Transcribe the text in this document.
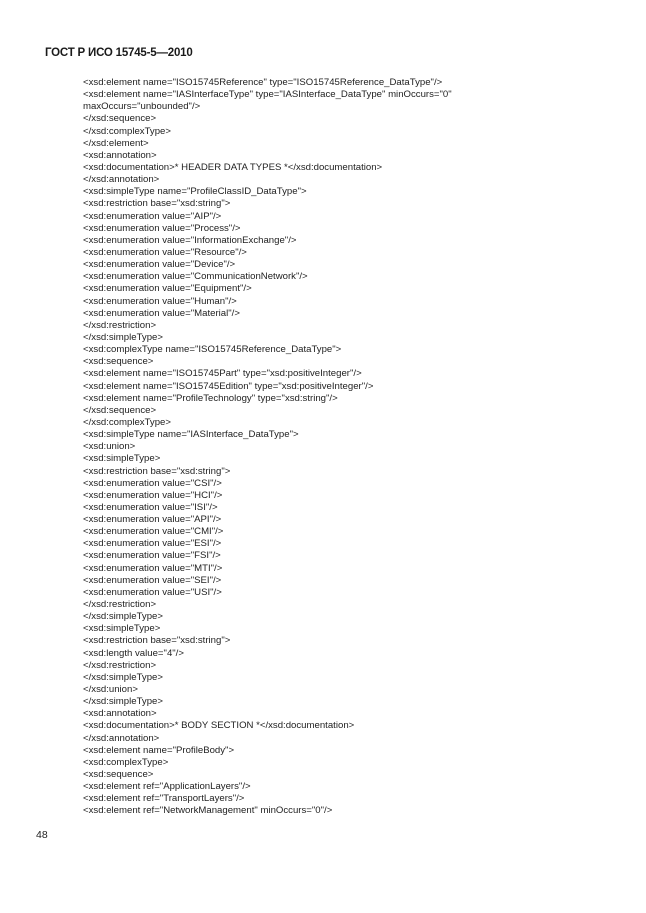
ГОСТ Р ИСО 15745-5—2010
<xsd:element name="ISO15745Reference" type="ISO15745Reference_DataType"/>
<xsd:element name="IASInterfaceType" type="IASInterface_DataType" minOccurs="0"
maxOccurs="unbounded"/>
</xsd:sequence>
</xsd:complexType>
</xsd:element>
<xsd:annotation>
<xsd:documentation>* HEADER DATA TYPES *</xsd:documentation>
</xsd:annotation>
<xsd:simpleType name="ProfileClassID_DataType">
<xsd:restriction base="xsd:string">
<xsd:enumeration value="AIP"/>
<xsd:enumeration value="Process"/>
<xsd:enumeration value="InformationExchange"/>
<xsd:enumeration value="Resource"/>
<xsd:enumeration value="Device"/>
<xsd:enumeration value="CommunicationNetwork"/>
<xsd:enumeration value="Equipment"/>
<xsd:enumeration value="Human"/>
<xsd:enumeration value="Material"/>
</xsd:restriction>
</xsd:simpleType>
<xsd:complexType name="ISO15745Reference_DataType">
<xsd:sequence>
<xsd:element name="ISO15745Part" type="xsd:positiveInteger"/>
<xsd:element name="ISO15745Edition" type="xsd:positiveInteger"/>
<xsd:element name="ProfileTechnology" type="xsd:string"/>
</xsd:sequence>
</xsd:complexType>
<xsd:simpleType name="IASInterface_DataType">
<xsd:union>
<xsd:simpleType>
<xsd:restriction base="xsd:string">
<xsd:enumeration value="CSI"/>
<xsd:enumeration value="HCI"/>
<xsd:enumeration value="ISI"/>
<xsd:enumeration value="API"/>
<xsd:enumeration value="CMI"/>
<xsd:enumeration value="ESI"/>
<xsd:enumeration value="FSI"/>
<xsd:enumeration value="MTI"/>
<xsd:enumeration value="SEI"/>
<xsd:enumeration value="USI"/>
</xsd:restriction>
</xsd:simpleType>
<xsd:simpleType>
<xsd:restriction base="xsd:string">
<xsd:length value="4"/>
</xsd:restriction>
</xsd:simpleType>
</xsd:union>
</xsd:simpleType>
<xsd:annotation>
<xsd:documentation>* BODY SECTION *</xsd:documentation>
</xsd:annotation>
<xsd:element name="ProfileBody">
<xsd:complexType>
<xsd:sequence>
<xsd:element ref="ApplicationLayers"/>
<xsd:element ref="TransportLayers"/>
<xsd:element ref="NetworkManagement" minOccurs="0"/>
48
